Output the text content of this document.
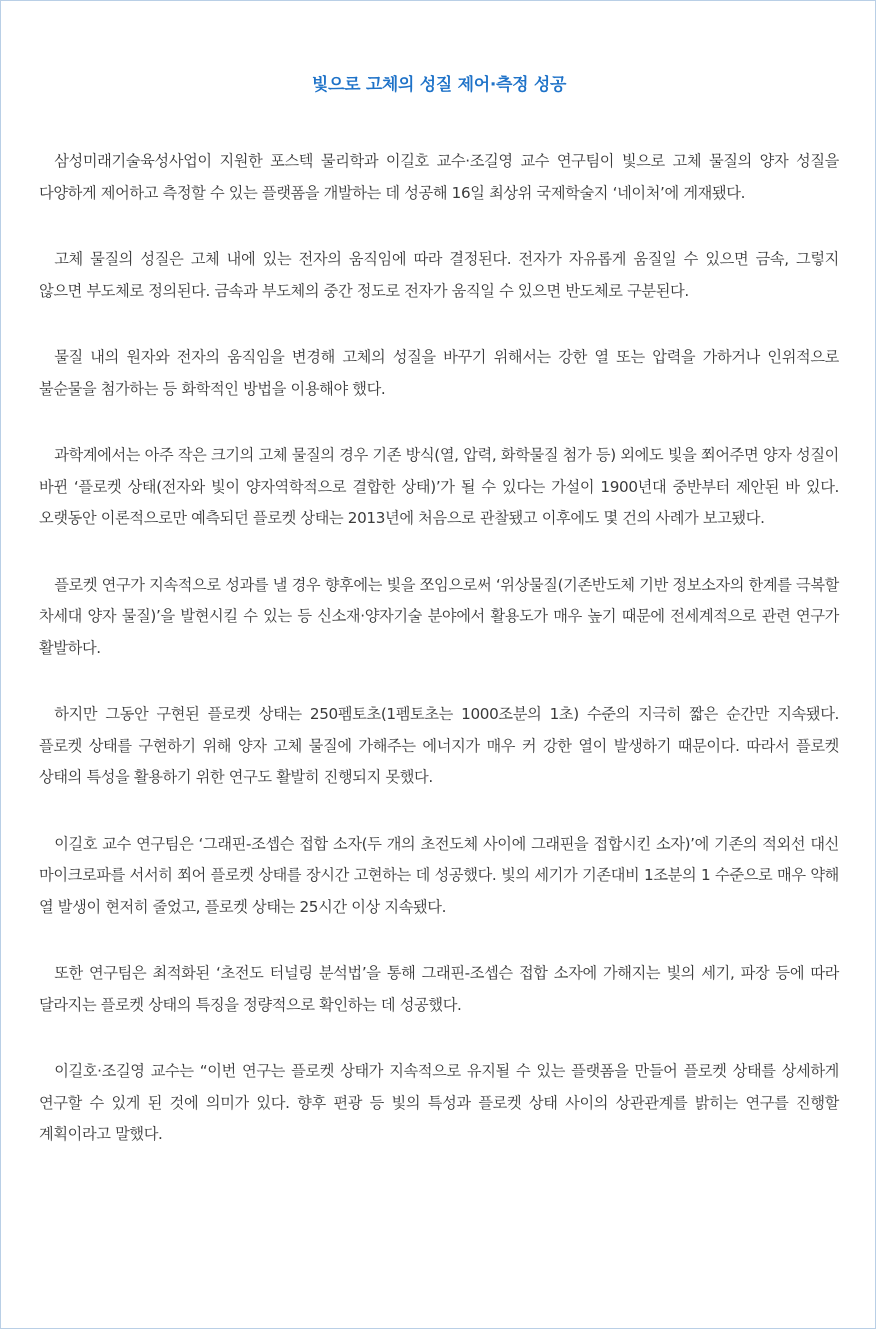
빛으로 고체의 성질 제어·측정 성공

삼성미래기술육성사업이 지원한 포스텍 물리학과 이길호 교수·조길영 교수 연구팀이 빛으로 고체 물질의 양자 성질을 다양하게 제어하고 측정할 수 있는 플랫폼을 개발하는 데 성공해 16일 최상위 국제학술지 ‘네이처’에 게재됐다.

고체 물질의 성질은 고체 내에 있는 전자의 움직임에 따라 결정된다. 전자가 자유롭게 움질일 수 있으면 금속, 그렇지 않으면 부도체로 정의된다. 금속과 부도체의 중간 정도로 전자가 움직일 수 있으면 반도체로 구분된다.

물질 내의 원자와 전자의 움직임을 변경해 고체의 성질을 바꾸기 위해서는 강한 열 또는 압력을 가하거나 인위적으로 불순물을 첨가하는 등 화학적인 방법을 이용해야 했다.

과학계에서는 아주 작은 크기의 고체 물질의 경우 기존 방식(열, 압력, 화학물질 첨가 등) 외에도 빛을 쬐어주면 양자 성질이 바뀐 ‘플로켓 상태(전자와 빛이 양자역학적으로 결합한 상태)’가 될 수 있다는 가설이 1900년대 중반부터 제안된 바 있다. 오랫동안 이론적으로만 예측되던 플로켓 상태는 2013년에 처음으로 관찰됐고 이후에도 몇 건의 사례가 보고됐다.

플로켓 연구가 지속적으로 성과를 낼 경우 향후에는 빛을 쪼임으로써 ‘위상물질(기존반도체 기반 정보소자의 한계를 극복할 차세대 양자 물질)’을 발현시킬 수 있는 등 신소재·양자기술 분야에서 활용도가 매우 높기 때문에 전세계적으로 관련 연구가 활발하다.

하지만 그동안 구현된 플로켓 상태는 250펨토초(1펨토초는 1000조분의 1초) 수준의 지극히 짧은 순간만 지속됐다. 플로켓 상태를 구현하기 위해 양자 고체 물질에 가해주는 에너지가 매우 커 강한 열이 발생하기 때문이다. 따라서 플로켓 상태의 특성을 활용하기 위한 연구도 활발히 진행되지 못했다.

이길호 교수 연구팀은 ‘그래핀-조셉슨 접합 소자(두 개의 초전도체 사이에 그래핀을 접합시킨 소자)’에 기존의 적외선 대신 마이크로파를 서서히 쬐어 플로켓 상태를 장시간 고현하는 데 성공했다. 빛의 세기가 기존대비 1조분의 1 수준으로 매우 약해 열 발생이 현저히 줄었고, 플로켓 상태는 25시간 이상 지속됐다.

또한 연구팀은 최적화된 ‘초전도 터널링 분석법’을 통해 그래핀-조셉슨 접합 소자에 가해지는 빛의 세기, 파장 등에 따라 달라지는 플로켓 상태의 특징을 정량적으로 확인하는 데 성공했다.

이길호·조길영 교수는 “이번 연구는 플로켓 상태가 지속적으로 유지될 수 있는 플랫폼을 만들어 플로켓 상태를 상세하게 연구할 수 있게 된 것에 의미가 있다. 향후 편광 등 빛의 특성과 플로켓 상태 사이의 상관관계를 밝히는 연구를 진행할 계획이라고 말했다.
